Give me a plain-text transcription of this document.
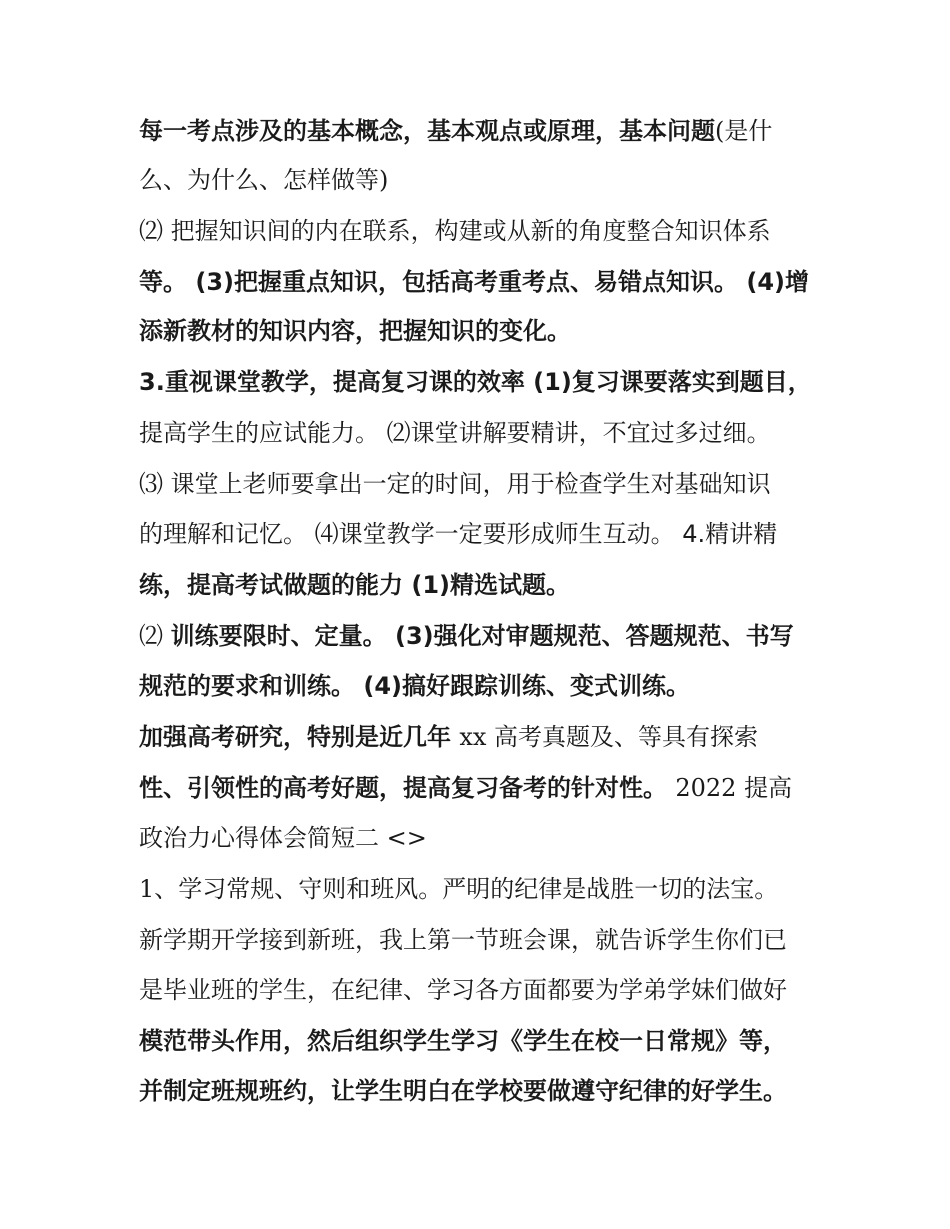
每一考点涉及的基本概念，基本观点或原理，基本问题(是什
么、为什么、怎样做等)
⑵ 把握知识间的内在联系，构建或从新的角度整合知识体系
等。 (3)把握重点知识，包括高考重考点、易错点知识。 (4)增
添新教材的知识内容，把握知识的变化。
3.重视课堂教学，提高复习课的效率 (1)复习课要落实到题目，
提高学生的应试能力。 ⑵课堂讲解要精讲，不宜过多过细。
⑶ 课堂上老师要拿出一定的时间，用于检查学生对基础知识
的理解和记忆。 ⑷课堂教学一定要形成师生互动。 4.精讲精
练，提高考试做题的能力 (1)精选试题。
⑵ 训练要限时、定量。 (3)强化对审题规范、答题规范、书写
规范的要求和训练。 (4)搞好跟踪训练、变式训练。
加强高考研究，特别是近几年 xx 高考真题及、等具有探索
性、引领性的高考好题，提高复习备考的针对性。 2022 提高
政治力心得体会简短二 <>
1、学习常规、守则和班风。严明的纪律是战胜一切的法宝。
新学期开学接到新班，我上第一节班会课，就告诉学生你们已
是毕业班的学生，在纪律、学习各方面都要为学弟学妹们做好
模范带头作用，然后组织学生学习《学生在校一日常规》等，
并制定班规班约，让学生明白在学校要做遵守纪律的好学生。
